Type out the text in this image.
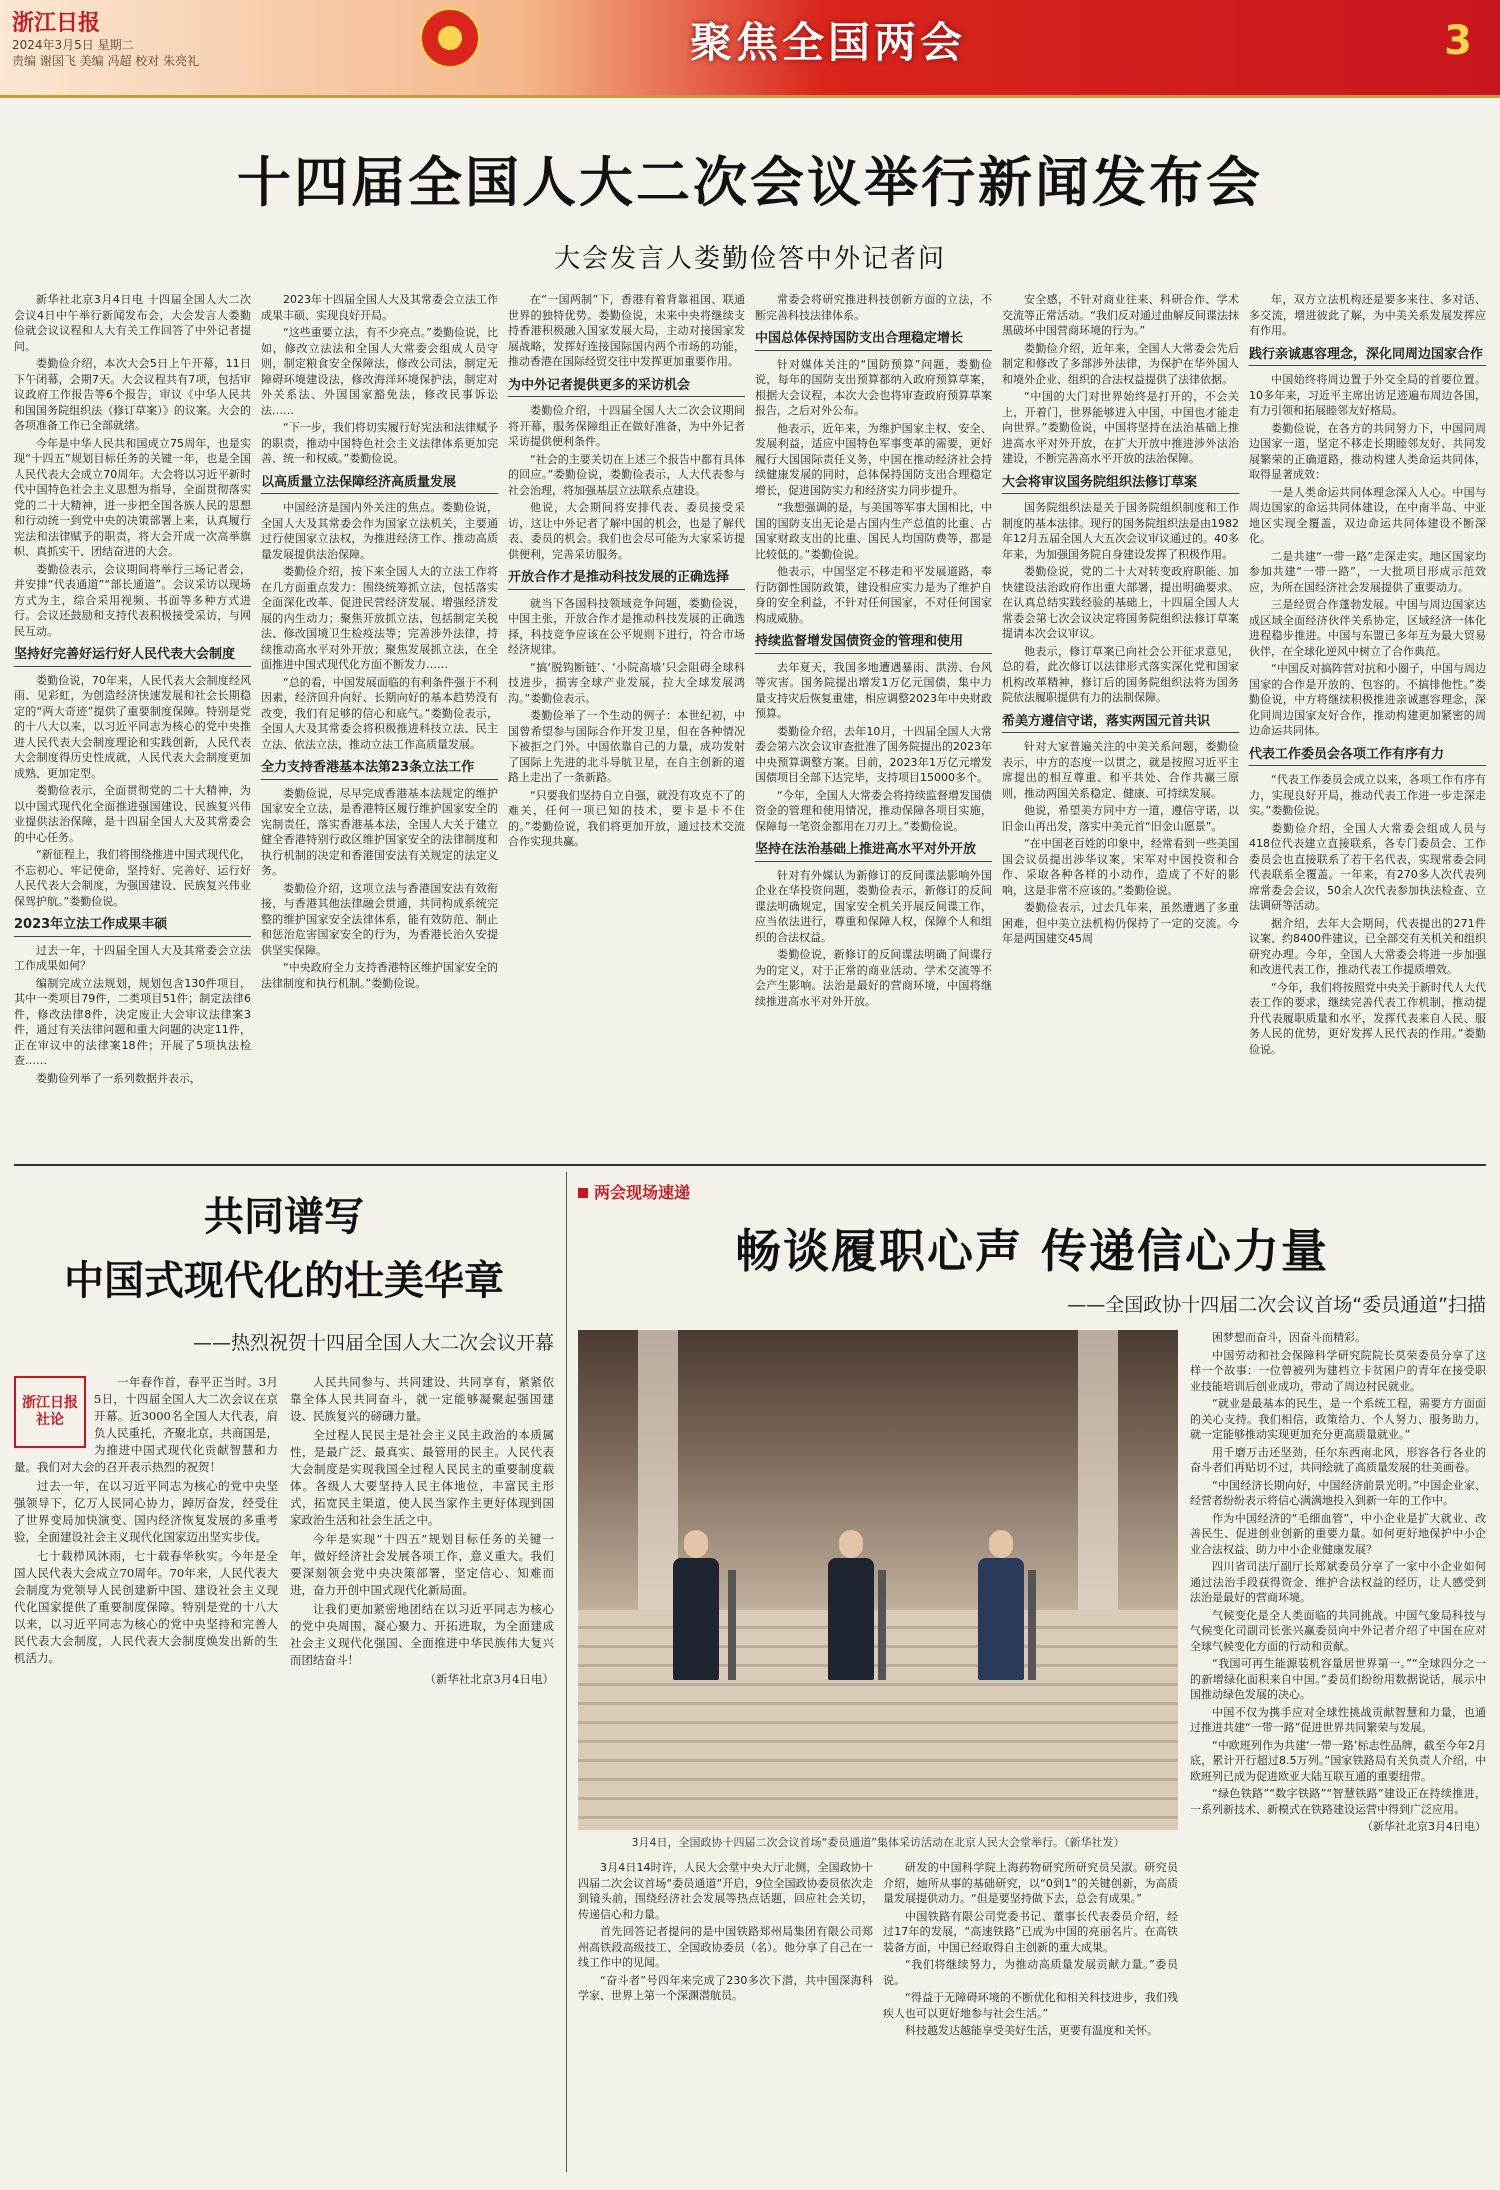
浙江日报
2024年3月5日 星期二
责编 谢国飞 美编 冯超 校对 朱亮礼	聚焦全国两会	3
十四届全国人大二次会议举行新闻发布会
大会发言人娄勤俭答中外记者问

新华社北京3月4日电 十四届全国人大二次会议4日中午举行新闻发布会，大会发言人娄勤俭就会议议程和人大有关工作回答了中外记者提问。

娄勤俭介绍，本次大会5日上午开幕，11日下午闭幕，会期7天。大会议程共有7项，包括审议政府工作报告等6个报告，审议《中华人民共和国国务院组织法（修订草案）》的议案。大会的各项准备工作已全部就绪。

今年是中华人民共和国成立75周年，也是实现“十四五”规划目标任务的关键一年，也是全国人民代表大会成立70周年。大会将以习近平新时代中国特色社会主义思想为指导，全面贯彻落实党的二十大精神，进一步把全国各族人民的思想和行动统一到党中央的决策部署上来，认真履行宪法和法律赋予的职责，将大会开成一次高举旗帜、真抓实干、团结奋进的大会。

娄勤俭表示，会议期间将举行三场记者会，并安排“代表通道”“部长通道”。会议采访以现场方式为主，综合采用视频、书面等多种方式进行。会议还鼓励和支持代表积极接受采访，与网民互动。

坚持好完善好运行好人民代表大会制度

娄勤俭说，70年来，人民代表大会制度经风雨、见彩虹，为创造经济快速发展和社会长期稳定的“两大奇迹”提供了重要制度保障。特别是党的十八大以来，以习近平同志为核心的党中央推进人民代表大会制度理论和实践创新，人民代表大会制度得历史性成就，人民代表大会制度更加成熟、更加定型。

娄勤俭表示，全面贯彻党的二十大精神，为以中国式现代化全面推进强国建设、民族复兴伟业提供法治保障，是十四届全国人大及其常委会的中心任务。

“新征程上，我们将围绕推进中国式现代化，不忘初心、牢记使命，坚持好、完善好、运行好人民代表大会制度，为强国建设、民族复兴伟业保驾护航。”娄勤俭说。

2023年立法工作成果丰硕

过去一年，十四届全国人大及其常委会立法工作成果如何？

编制完成立法规划，规划包含130件项目，其中一类项目79件，二类项目51件；制定法律6件，修改法律8件，决定废止大会审议法律案3件，通过有关法律问题和重大问题的决定11件，正在审议中的法律案18件；开展了5项执法检查……

娄勤俭列举了一系列数据并表示，

2023年十四届全国人大及其常委会立法工作成果丰硕、实现良好开局。

“这些重要立法，有不少亮点。”娄勤俭说，比如，修改立法法和全国人大常委会组成人员守则，制定粮食安全保障法，修改公司法，制定无障碍环境建设法，修改海洋环境保护法，制定对外关系法、外国国家豁免法，修改民事诉讼法……

“下一步，我们将切实履行好宪法和法律赋予的职责，推动中国特色社会主义法律体系更加完善、统一和权威。”娄勤俭说。

以高质量立法保障经济高质量发展

中国经济是国内外关注的焦点。娄勤俭说，全国人大及其常委会作为国家立法机关，主要通过行使国家立法权，为推进经济工作、推动高质量发展提供法治保障。

娄勤俭介绍，按下来全国人大的立法工作将在几方面重点发力：围绕统筹抓立法，包括落实全面深化改革、促进民营经济发展、增强经济发展的内生动力；聚焦开放抓立法，包括制定关税法、修改国境卫生检疫法等；完善涉外法律，持续推动高水平对外开放；聚焦发展抓立法，在全面推进中国式现代化方面不断发力……

“总的看，中国发展面临的有利条件强于不利因素，经济回升向好、长期向好的基本趋势没有改变，我们有足够的信心和底气。”娄勤俭表示，全国人大及其常委会将积极推进科技立法、民主立法、依法立法，推动立法工作高质量发展。

全力支持香港基本法第23条立法工作

娄勤俭说，尽早完成香港基本法规定的维护国家安全立法，是香港特区履行维护国家安全的宪制责任，落实香港基本法，全国人大关于建立健全香港特别行政区维护国家安全的法律制度和执行机制的决定和香港国安法有关规定的法定义务。

娄勤俭介绍，这项立法与香港国安法有效衔接，与香港其他法律融会贯通，共同构成系统完整的维护国家安全法律体系，能有效防范、制止和惩治危害国家安全的行为，为香港长治久安提供坚实保障。

“中央政府全力支持香港特区维护国家安全的法律制度和执行机制。”娄勤俭说。

在“一国两制”下，香港有着背靠祖国、联通世界的独特优势。娄勤俭说，未来中央将继续支持香港积极融入国家发展大局，主动对接国家发展战略，发挥好连接国际国内两个市场的功能，推动香港在国际经贸交往中发挥更加重要作用。

为中外记者提供更多的采访机会

娄勤俭介绍，十四届全国人大二次会议期间将开幕，服务保障组正在做好准备，为中外记者采访提供便利条件。

“社会的主要关切在上述三个报告中都有具体的回应。”娄勤俭说，娄勤俭表示，人大代表参与社会治理，将加强基层立法联系点建设。

他说，大会期间将安排代表、委员接受采访，这让中外记者了解中国的机会，也是了解代表、委员的机会。我们也会尽可能为大家采访提供便利，完善采访服务。

开放合作才是推动科技发展的正确选择

就当下各国科技领域竞争问题，娄勤俭说，中国主张，开放合作才是推动科技发展的正确选择，科技竞争应该在公平规则下进行，符合市场经济规律。

“搞‘脱钩断链’、‘小院高墙’只会阻碍全球科技进步，损害全球产业发展，拉大全球发展鸿沟。”娄勤俭表示。

娄勤俭举了一个生动的例子：本世纪初，中国曾希望参与国际合作开发卫星，但在各种情况下被拒之门外。中国依靠自己的力量，成功发射了国际上先进的北斗导航卫星，在自主创新的道路上走出了一条新路。

“只要我们坚持自立自强，就没有攻克不了的难关，任何一项已知的技术，要卡是卡不住的。”娄勤俭说，我们将更加开放，通过技术交流合作实现共赢。

常委会将研究推进科技创新方面的立法，不断完善科技法律体系。

中国总体保持国防支出合理稳定增长

针对媒体关注的“国防预算”问题，娄勤俭说，每年的国防支出预算都纳入政府预算草案，根据大会议程，本次大会也将审查政府预算草案报告，之后对外公布。

他表示，近年来，为维护国家主权、安全、发展利益，适应中国特色军事变革的需要，更好履行大国国际责任义务，中国在推动经济社会持续健康发展的同时，总体保持国防支出合理稳定增长，促进国防实力和经济实力同步提升。

“我想强调的是，与美国等军事大国相比，中国的国防支出无论是占国内生产总值的比重、占国家财政支出的比重、国民人均国防费等，都是比较低的。”娄勤俭说。

他表示，中国坚定不移走和平发展道路，奉行防御性国防政策，建设相应实力是为了维护自身的安全利益，不针对任何国家，不对任何国家构成威胁。

持续监督增发国债资金的管理和使用

去年夏天，我国多地遭遇暴雨、洪涝、台风等灾害。国务院提出增发1万亿元国债，集中力量支持灾后恢复重建，相应调整2023年中央财政预算。

娄勤俭介绍，去年10月，十四届全国人大常委会第六次会议审查批准了国务院提出的2023年中央预算调整方案。目前，2023年1万亿元增发国债项目全部下达完毕，支持项目15000多个。

“今年，全国人大常委会将持续监督增发国债资金的管理和使用情况，推动保障各项目实施，保障每一笔资金都用在刀刃上。”娄勤俭说。

坚持在法治基础上推进高水平对外开放

针对有外媒认为新修订的反间谍法影响外国企业在华投资问题，娄勤俭表示，新修订的反间谍法明确规定，国家安全机关开展反间谍工作，应当依法进行，尊重和保障人权，保障个人和组织的合法权益。

娄勤俭说，新修订的反间谍法明确了间谍行为的定义，对于正常的商业活动、学术交流等不会产生影响。法治是最好的营商环境，中国将继续推进高水平对外开放。

安全感，不针对商业往来、科研合作、学术交流等正常活动。“我们反对通过曲解反间谍法抹黑破坏中国营商环境的行为。”

娄勤俭介绍，近年来，全国人大常委会先后制定和修改了多部涉外法律，为保护在华外国人和境外企业、组织的合法权益提供了法律依据。

“中国的大门对世界始终是打开的，不会关上，开着门，世界能够进入中国，中国也才能走向世界。”娄勤俭说，中国将坚持在法治基础上推进高水平对外开放，在扩大开放中推进涉外法治建设，不断完善高水平开放的法治保障。

大会将审议国务院组织法修订草案

国务院组织法是关于国务院组织制度和工作制度的基本法律。现行的国务院组织法是由1982年12月五届全国人大五次会议审议通过的。40多年来，为加强国务院自身建设发挥了积极作用。

娄勤俭说，党的二十大对转变政府职能、加快建设法治政府作出重大部署，提出明确要求。在认真总结实践经验的基础上，十四届全国人大常委会第七次会议决定将国务院组织法修订草案提请本次会议审议。

他表示，修订草案已向社会公开征求意见，总的看，此次修订以法律形式落实深化党和国家机构改革精神，修订后的国务院组织法将为国务院依法履职提供有力的法制保障。

希美方遵信守诺，落实两国元首共识

针对大家普遍关注的中美关系问题，娄勤俭表示，中方的态度一以贯之，就是按照习近平主席提出的相互尊重、和平共处、合作共赢三原则，推动两国关系稳定、健康、可持续发展。

他说，希望美方同中方一道，遵信守诺，以旧金山再出发，落实中美元首“旧金山愿景”。

“在中国老百姓的印象中，经常看到一些美国国会议员提出涉华议案，宋军对中国投资和合作、采取各种各样的小动作，造成了不好的影响，这是非常不应该的。”娄勤俭说。

娄勤俭表示，过去几年来，虽然遭遇了多重困难，但中美立法机构仍保持了一定的交流。今年是两国建交45周

年，双方立法机构还是要多来往、多对话、多交流，增进彼此了解，为中美关系发展发挥应有作用。

践行亲诚惠容理念，深化同周边国家合作

中国始终将周边置于外交全局的首要位置。10多年来，习近平主席出访足迹遍布周边各国，有力引领和拓展睦邻友好格局。

娄勤俭说，在各方的共同努力下，中国同周边国家一道，坚定不移走长期睦邻友好、共同发展繁荣的正确道路，推动构建人类命运共同体，取得显著成效：

一是人类命运共同体理念深入人心。中国与周边国家的命运共同体建设，在中南半岛、中亚地区实现全覆盖，双边命运共同体建设不断深化。

二是共建“一带一路”走深走实。地区国家均参加共建“一带一路”，一大批项目形成示范效应，为所在国经济社会发展提供了重要动力。

三是经贸合作蓬勃发展。中国与周边国家达成区域全面经济伙伴关系协定，区域经济一体化进程稳步推进。中国与东盟已多年互为最大贸易伙伴，在全球化逆风中树立了合作典范。

“中国反对搞阵营对抗和小圈子，中国与周边国家的合作是开放的、包容的。不搞排他性。”娄勤俭说，中方将继续积极推进亲诚惠容理念，深化同周边国家友好合作，推动构建更加紧密的周边命运共同体。

代表工作委员会各项工作有序有力

“代表工作委员会成立以来，各项工作有序有力，实现良好开局，推动代表工作进一步走深走实。”娄勤俭说。

娄勤俭介绍，全国人大常委会组成人员与418位代表建立直接联系，各专门委员会、工作委员会也直接联系了若干名代表，实现常委会同代表联系全覆盖。一年来，有270多人次代表列席常委会会议，50余人次代表参加执法检查、立法调研等活动。

据介绍，去年大会期间，代表提出的271件议案、约8400件建议，已全部交有关机关和组织研究办理。今年，全国人大常委会将进一步加强和改进代表工作，推动代表工作提质增效。

“今年，我们将按照党中央关于新时代人大代表工作的要求，继续完善代表工作机制，推动提升代表履职质量和水平，发挥代表来自人民、服务人民的优势，更好发挥人民代表的作用。”娄勤俭说。

共同谱写
中国式现代化的壮美华章
——热烈祝贺十四届全国人大二次会议开幕
浙江日报
社论

一年春作首，春平正当时。3月5日，十四届全国人大二次会议在京开幕。近3000名全国人大代表，肩负人民重托，齐聚北京，共商国是，为推进中国式现代化贡献智慧和力量。我们对大会的召开表示热烈的祝贺！

过去一年，在以习近平同志为核心的党中央坚强领导下，亿万人民同心协力，踔厉奋发，经受住了世界变局加快演变、国内经济恢复发展的多重考验，全面建设社会主义现代化国家迈出坚实步伐。

七十载栉风沐雨，七十载春华秋实。今年是全国人民代表大会成立70周年。70年来，人民代表大会制度为党领导人民创建新中国、建设社会主义现代化国家提供了重要制度保障。特别是党的十八大以来，以习近平同志为核心的党中央坚持和完善人民代表大会制度，人民代表大会制度焕发出新的生机活力。

人民共同参与、共同建设、共同享有，紧紧依靠全体人民共同奋斗，就一定能够凝聚起强国建设、民族复兴的磅礴力量。

全过程人民民主是社会主义民主政治的本质属性，是最广泛、最真实、最管用的民主。人民代表大会制度是实现我国全过程人民民主的重要制度载体。各级人大要坚持人民主体地位，丰富民主形式，拓宽民主渠道，使人民当家作主更好体现到国家政治生活和社会生活之中。

今年是实现“十四五”规划目标任务的关键一年，做好经济社会发展各项工作，意义重大。我们要深刻领会党中央决策部署，坚定信心、知难而进，奋力开创中国式现代化新局面。

让我们更加紧密地团结在以习近平同志为核心的党中央周围，凝心聚力、开拓进取，为全面建成社会主义现代化强国、全面推进中华民族伟大复兴而团结奋斗！

（新华社北京3月4日电）
两会现场速递
畅谈履职心声 传递信心力量
——全国政协十四届二次会议首场“委员通道”扫描
3月4日，全国政协十四届二次会议首场“委员通道”集体采访活动在北京人民大会堂举行。（新华社发）

3月4日14时许，人民大会堂中央大厅北侧，全国政协十四届二次会议首场“委员通道”开启，9位全国政协委员依次走到镜头前，围绕经济社会发展等热点话题，回应社会关切，传递信心和力量。

首先回答记者提问的是中国铁路郑州局集团有限公司郑州高铁段高级技工、全国政协委员（名）。他分享了自己在一线工作中的见闻。

“奋斗者”号四年来完成了230多次下潜，共中国深海科学家、世界上第一个深渊潜航员。

研发的中国科学院上海药物研究所研究员吴淑。研究员介绍，她所从事的基础研究，以“0到1”的关键创新，为高质量发展提供动力。“但是要坚持做下去，总会有成果。”

中国铁路有限公司党委书记、董事长代表委员介绍，经过17年的发展，“高速铁路”已成为中国的亮丽名片。在高铁装备方面，中国已经取得自主创新的重大成果。

“我们将继续努力，为推动高质量发展贡献力量。”委员说。

“得益于无障碍环境的不断优化和相关科技进步，我们残疾人也可以更好地参与社会生活。”

科技越发达越能享受美好生活，更要有温度和关怀。

困梦想而奋斗，因奋斗而精彩。

中国劳动和社会保障科学研究院院长莫荣委员分享了这样一个故事：一位曾被列为建档立卡贫困户的青年在接受职业技能培训后创业成功，带动了周边村民就业。

“就业是最基本的民生，是一个系统工程，需要方方面面的关心支持。我们相信，政策给力、个人努力、服务助力，就一定能够推动实现更加充分更高质量就业。”

用千磨万击还坚劲，任尔东西南北风，形容各行各业的奋斗者们再贴切不过，共同绘就了高质量发展的壮美画卷。

“中国经济长期向好，中国经济前景光明。”中国企业家、经营者纷纷表示将信心满满地投入到新一年的工作中。

作为中国经济的“毛细血管”，中小企业是扩大就业、改善民生、促进创业创新的重要力量。如何更好地保护中小企业合法权益、助力中小企业健康发展？

四川省司法厅副厅长郑斌委员分享了一家中小企业如何通过法治手段获得资金、维护合法权益的经历，让人感受到法治是最好的营商环境。

气候变化是全人类面临的共同挑战。中国气象局科技与气候变化司副司长张兴赢委员向中外记者介绍了中国在应对全球气候变化方面的行动和贡献。

“我国可再生能源装机容量居世界第一。”“全球四分之一的新增绿化面积来自中国。”委员们纷纷用数据说话，展示中国推动绿色发展的决心。

中国不仅为携手应对全球性挑战贡献智慧和力量，也通过推进共建“一带一路”促进世界共同繁荣与发展。

“中欧班列作为共建‘一带一路’标志性品牌，截至今年2月底，累计开行超过8.5万列。”国家铁路局有关负责人介绍，中欧班列已成为促进欧亚大陆互联互通的重要纽带。

“绿色铁路”“数字铁路”“智慧铁路”建设正在持续推进，一系列新技术、新模式在铁路建设运营中得到广泛应用。

（新华社北京3月4日电）
